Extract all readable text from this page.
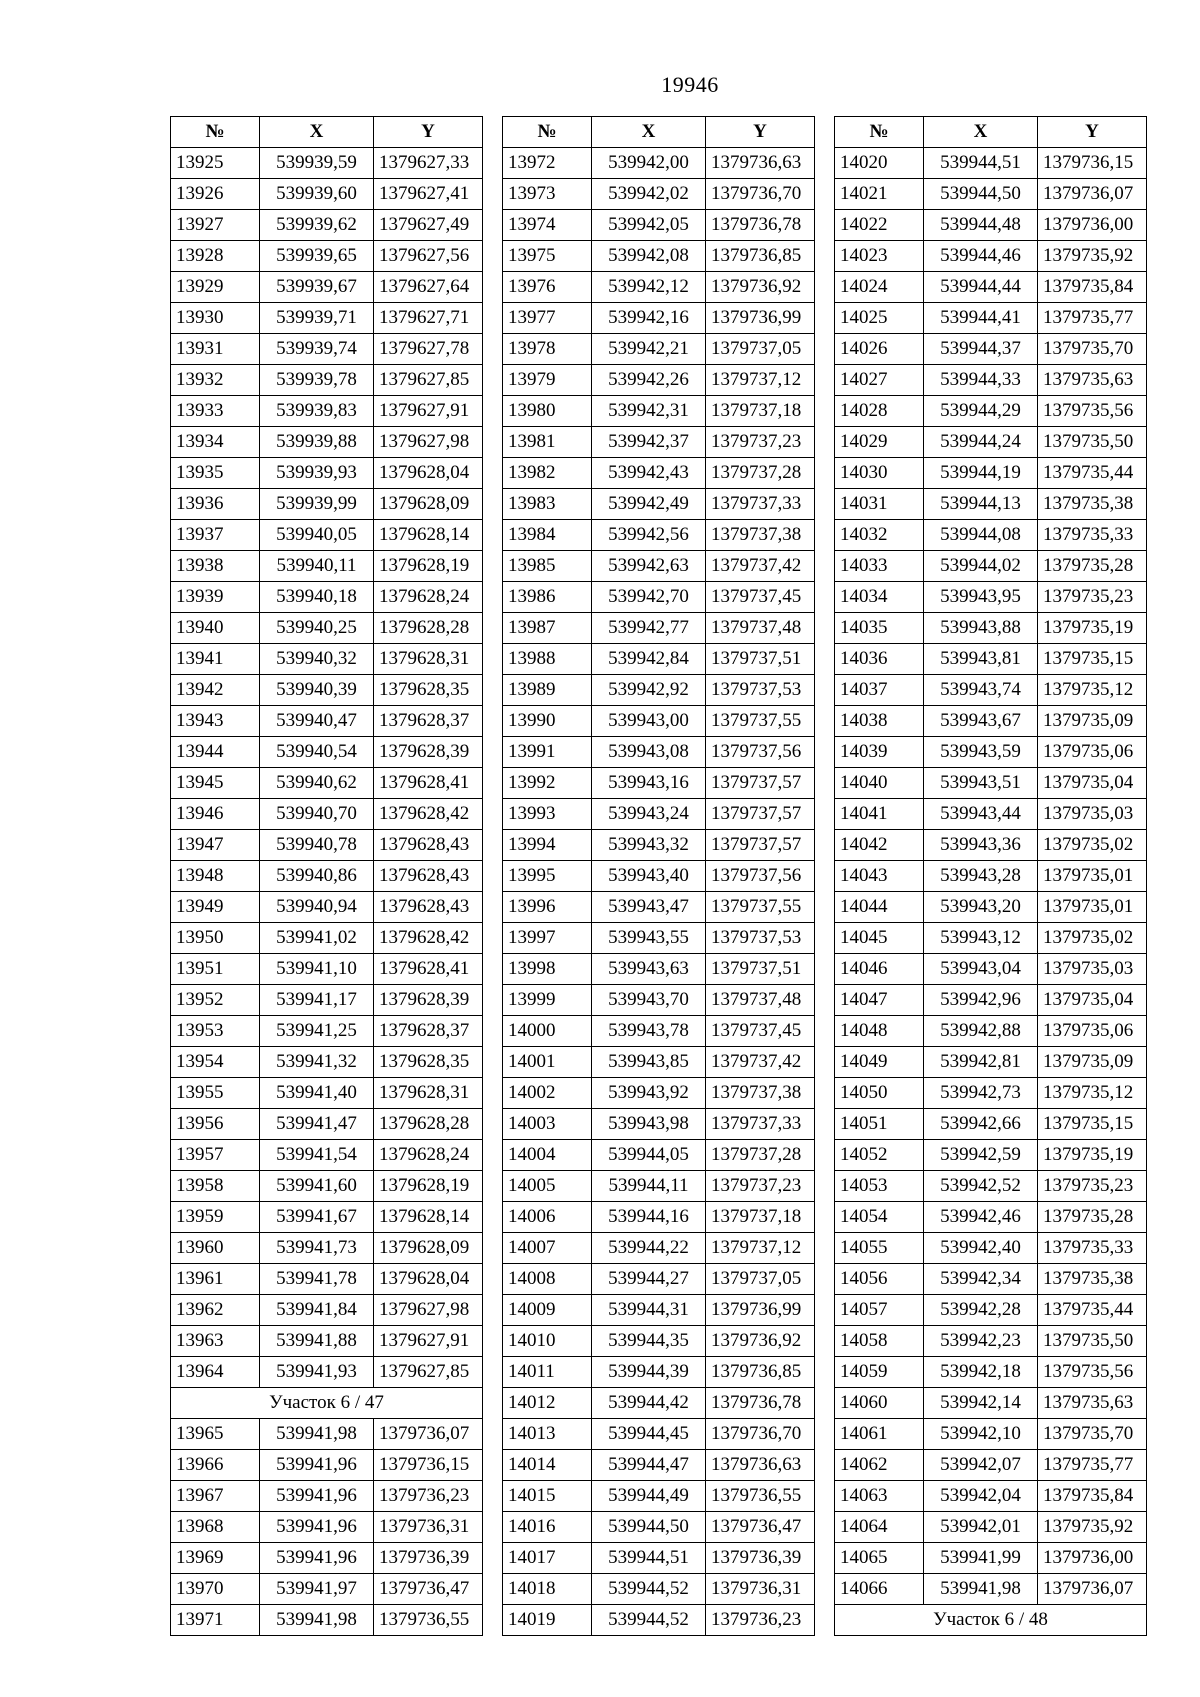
19946
№	X	Y
13925	539939,59	1379627,33
13926	539939,60	1379627,41
13927	539939,62	1379627,49
13928	539939,65	1379627,56
13929	539939,67	1379627,64
13930	539939,71	1379627,71
13931	539939,74	1379627,78
13932	539939,78	1379627,85
13933	539939,83	1379627,91
13934	539939,88	1379627,98
13935	539939,93	1379628,04
13936	539939,99	1379628,09
13937	539940,05	1379628,14
13938	539940,11	1379628,19
13939	539940,18	1379628,24
13940	539940,25	1379628,28
13941	539940,32	1379628,31
13942	539940,39	1379628,35
13943	539940,47	1379628,37
13944	539940,54	1379628,39
13945	539940,62	1379628,41
13946	539940,70	1379628,42
13947	539940,78	1379628,43
13948	539940,86	1379628,43
13949	539940,94	1379628,43
13950	539941,02	1379628,42
13951	539941,10	1379628,41
13952	539941,17	1379628,39
13953	539941,25	1379628,37
13954	539941,32	1379628,35
13955	539941,40	1379628,31
13956	539941,47	1379628,28
13957	539941,54	1379628,24
13958	539941,60	1379628,19
13959	539941,67	1379628,14
13960	539941,73	1379628,09
13961	539941,78	1379628,04
13962	539941,84	1379627,98
13963	539941,88	1379627,91
13964	539941,93	1379627,85
Участок 6 / 47		
13965	539941,98	1379736,07
13966	539941,96	1379736,15
13967	539941,96	1379736,23
13968	539941,96	1379736,31
13969	539941,96	1379736,39
13970	539941,97	1379736,47
13971	539941,98	1379736,55
№	X	Y
13972	539942,00	1379736,63
13973	539942,02	1379736,70
13974	539942,05	1379736,78
13975	539942,08	1379736,85
13976	539942,12	1379736,92
13977	539942,16	1379736,99
13978	539942,21	1379737,05
13979	539942,26	1379737,12
13980	539942,31	1379737,18
13981	539942,37	1379737,23
13982	539942,43	1379737,28
13983	539942,49	1379737,33
13984	539942,56	1379737,38
13985	539942,63	1379737,42
13986	539942,70	1379737,45
13987	539942,77	1379737,48
13988	539942,84	1379737,51
13989	539942,92	1379737,53
13990	539943,00	1379737,55
13991	539943,08	1379737,56
13992	539943,16	1379737,57
13993	539943,24	1379737,57
13994	539943,32	1379737,57
13995	539943,40	1379737,56
13996	539943,47	1379737,55
13997	539943,55	1379737,53
13998	539943,63	1379737,51
13999	539943,70	1379737,48
14000	539943,78	1379737,45
14001	539943,85	1379737,42
14002	539943,92	1379737,38
14003	539943,98	1379737,33
14004	539944,05	1379737,28
14005	539944,11	1379737,23
14006	539944,16	1379737,18
14007	539944,22	1379737,12
14008	539944,27	1379737,05
14009	539944,31	1379736,99
14010	539944,35	1379736,92
14011	539944,39	1379736,85
14012	539944,42	1379736,78
14013	539944,45	1379736,70
14014	539944,47	1379736,63
14015	539944,49	1379736,55
14016	539944,50	1379736,47
14017	539944,51	1379736,39
14018	539944,52	1379736,31
14019	539944,52	1379736,23
№	X	Y
14020	539944,51	1379736,15
14021	539944,50	1379736,07
14022	539944,48	1379736,00
14023	539944,46	1379735,92
14024	539944,44	1379735,84
14025	539944,41	1379735,77
14026	539944,37	1379735,70
14027	539944,33	1379735,63
14028	539944,29	1379735,56
14029	539944,24	1379735,50
14030	539944,19	1379735,44
14031	539944,13	1379735,38
14032	539944,08	1379735,33
14033	539944,02	1379735,28
14034	539943,95	1379735,23
14035	539943,88	1379735,19
14036	539943,81	1379735,15
14037	539943,74	1379735,12
14038	539943,67	1379735,09
14039	539943,59	1379735,06
14040	539943,51	1379735,04
14041	539943,44	1379735,03
14042	539943,36	1379735,02
14043	539943,28	1379735,01
14044	539943,20	1379735,01
14045	539943,12	1379735,02
14046	539943,04	1379735,03
14047	539942,96	1379735,04
14048	539942,88	1379735,06
14049	539942,81	1379735,09
14050	539942,73	1379735,12
14051	539942,66	1379735,15
14052	539942,59	1379735,19
14053	539942,52	1379735,23
14054	539942,46	1379735,28
14055	539942,40	1379735,33
14056	539942,34	1379735,38
14057	539942,28	1379735,44
14058	539942,23	1379735,50
14059	539942,18	1379735,56
14060	539942,14	1379735,63
14061	539942,10	1379735,70
14062	539942,07	1379735,77
14063	539942,04	1379735,84
14064	539942,01	1379735,92
14065	539941,99	1379736,00
14066	539941,98	1379736,07
Участок 6 / 48		
